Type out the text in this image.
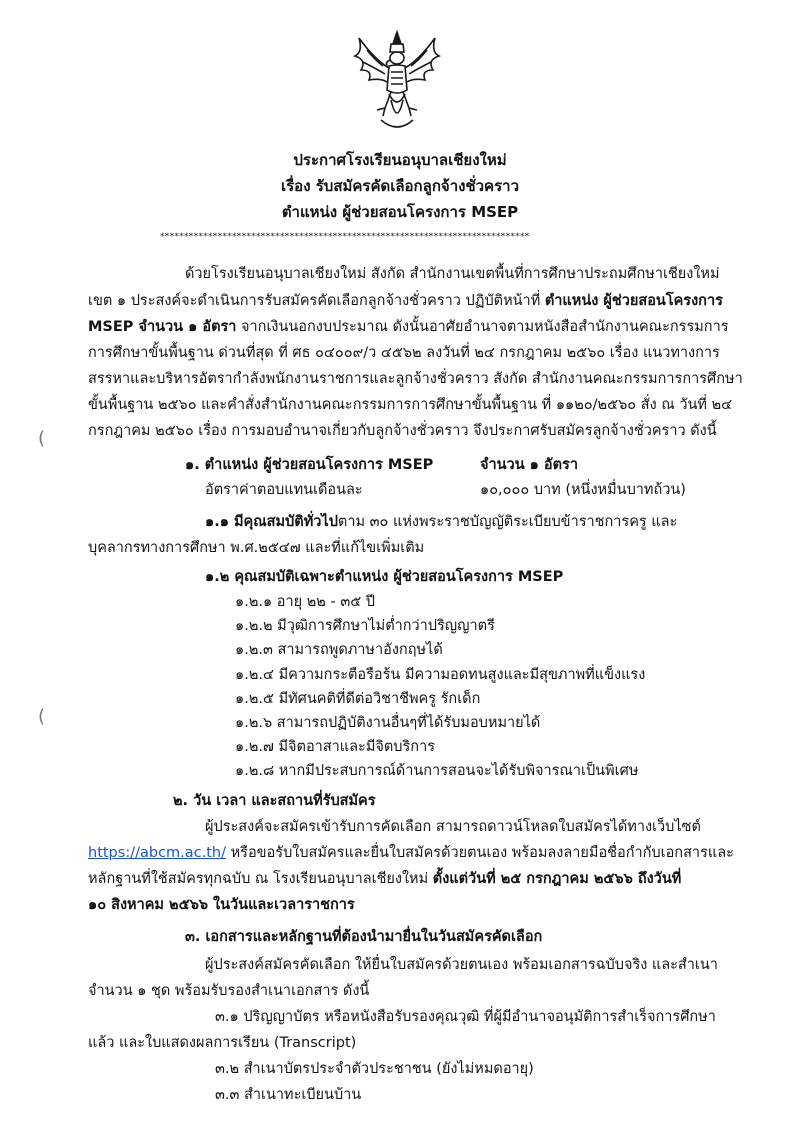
ประกาศโรงเรียนอนุบาลเชียงใหม่
เรื่อง รับสมัครคัดเลือกลูกจ้างชั่วคราว
ตำแหน่ง ผู้ช่วยสอนโครงการ MSEP
*****************************************************************************
ด้วยโรงเรียนอนุบาลเชียงใหม่ สังกัด สำนักงานเขตพื้นที่การศึกษาประถมศึกษาเชียงใหม่
เขต ๑ ประสงค์จะดำเนินการรับสมัครคัดเลือกลูกจ้างชั่วคราว ปฏิบัติหน้าที่ ตำแหน่ง ผู้ช่วยสอนโครงการ
MSEP จำนวน ๑ อัตรา จากเงินนอกงบประมาณ ดังนั้นอาศัยอำนาจตามหนังสือสำนักงานคณะกรรมการ
การศึกษาขั้นพื้นฐาน ด่วนที่สุด ที่ ศธ ๐๔๐๐๙/ว ๔๕๖๒ ลงวันที่ ๒๔ กรกฎาคม ๒๕๖๐ เรื่อง แนวทางการ
สรรหาและบริหารอัตรากำลังพนักงานราชการและลูกจ้างชั่วคราว สังกัด สำนักงานคณะกรรมการการศึกษา
ขั้นพื้นฐาน ๒๕๖๐ และคำสั่งสำนักงานคณะกรรมการการศึกษาขั้นพื้นฐาน ที่ ๑๑๒๐/๒๕๖๐ สั่ง ณ วันที่ ๒๔
กรกฎาคม ๒๕๖๐ เรื่อง การมอบอำนาจเกี่ยวกับลูกจ้างชั่วคราว จึงประกาศรับสมัครลูกจ้างชั่วคราว ดังนี้
(
๑. ตำแหน่ง ผู้ช่วยสอนโครงการ MSEP	จำนวน ๑ อัตรา
อัตราค่าตอบแทนเดือนละ	๑๐,๐๐๐ บาท (หนึ่งหมื่นบาทถ้วน)
๑.๑ มีคุณสมบัติทั่วไปตาม ๓๐ แห่งพระราชบัญญัติระเบียบข้าราชการครู และ
บุคลากรทางการศึกษา พ.ศ.๒๕๔๗ และที่แก้ไขเพิ่มเติม
๑.๒ คุณสมบัติเฉพาะตำแหน่ง ผู้ช่วยสอนโครงการ MSEP
๑.๒.๑ อายุ ๒๒ - ๓๕ ปี
๑.๒.๒ มีวุฒิการศึกษาไม่ต่ำกว่าปริญญาตรี
๑.๒.๓ สามารถพูดภาษาอังกฤษได้
๑.๒.๔ มีความกระตือรือร้น มีความอดทนสูงและมีสุขภาพที่แข็งแรง
๑.๒.๕ มีทัศนคติที่ดีต่อวิชาชีพครู รักเด็ก
๑.๒.๖ สามารถปฏิบัติงานอื่นๆที่ได้รับมอบหมายได้
๑.๒.๗ มีจิตอาสาและมีจิตบริการ
๑.๒.๘ หากมีประสบการณ์ด้านการสอนจะได้รับพิจารณาเป็นพิเศษ
(
๒. วัน เวลา และสถานที่รับสมัคร
ผู้ประสงค์จะสมัครเข้ารับการคัดเลือก สามารถดาวน์โหลดใบสมัครได้ทางเว็บไซต์
https://abcm.ac.th/ หรือขอรับใบสมัครและยื่นใบสมัครด้วยตนเอง พร้อมลงลายมือชื่อกำกับเอกสารและ
หลักฐานที่ใช้สมัครทุกฉบับ ณ โรงเรียนอนุบาลเชียงใหม่ ตั้งแต่วันที่ ๒๕ กรกฎาคม ๒๕๖๖ ถึงวันที่
๑๐ สิงหาคม ๒๕๖๖ ในวันและเวลาราชการ
๓. เอกสารและหลักฐานที่ต้องนำมายื่นในวันสมัครคัดเลือก
ผู้ประสงค์สมัครคัดเลือก ให้ยื่นใบสมัครด้วยตนเอง พร้อมเอกสารฉบับจริง และสำเนา
จำนวน ๑ ชุด พร้อมรับรองสำเนาเอกสาร ดังนี้
๓.๑ ปริญญาบัตร หรือหนังสือรับรองคุณวุฒิ ที่ผู้มีอำนาจอนุมัติการสำเร็จการศึกษา
แล้ว และใบแสดงผลการเรียน (Transcript)
๓.๒ สำเนาบัตรประจำตัวประชาชน (ยังไม่หมดอายุ)
๓.๓ สำเนาทะเบียนบ้าน
